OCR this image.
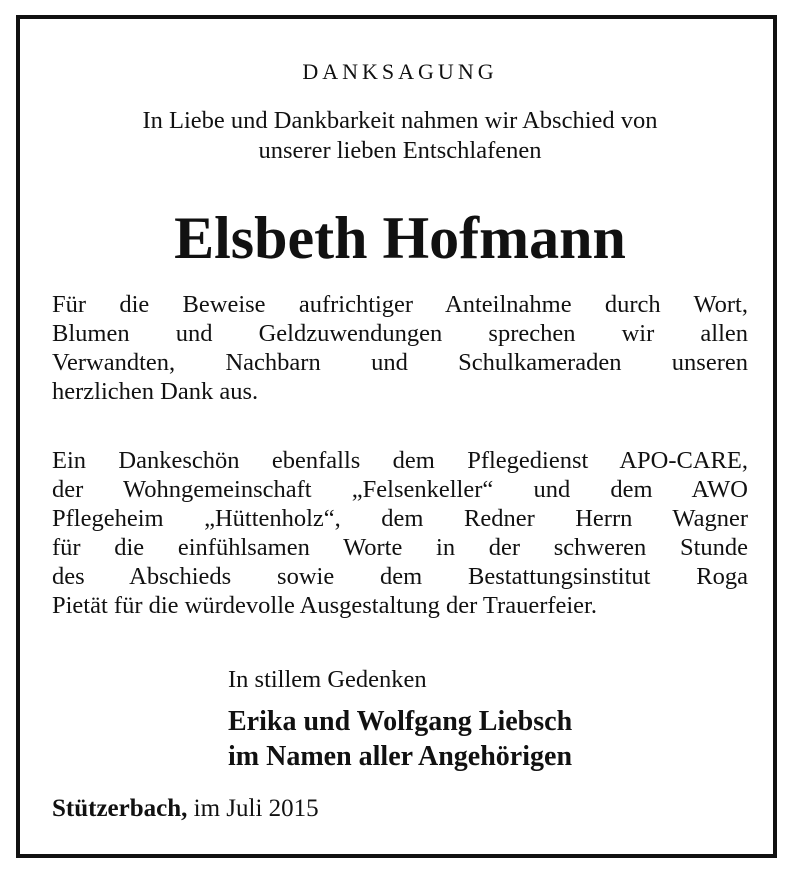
DANKSAGUNG
In Liebe und Dankbarkeit nahmen wir Abschied von
unserer lieben Entschlafenen
Elsbeth Hofmann
Für die Beweise aufrichtiger Anteilnahme durch Wort,
Blumen und Geldzuwendungen sprechen wir allen
Verwandten, Nachbarn und Schulkameraden unseren
herzlichen Dank aus.
Ein Dankeschön ebenfalls dem Pflegedienst APO-CARE,
der Wohngemeinschaft „Felsenkeller“ und dem AWO
Pflegeheim „Hüttenholz“, dem Redner Herrn Wagner
für die einfühlsamen Worte in der schweren Stunde
des Abschieds sowie dem Bestattungsinstitut Roga
Pietät für die würdevolle Ausgestaltung der Trauerfeier.
In stillem Gedenken
Erika und Wolfgang Liebsch
im Namen aller Angehörigen
Stützerbach, im Juli 2015
